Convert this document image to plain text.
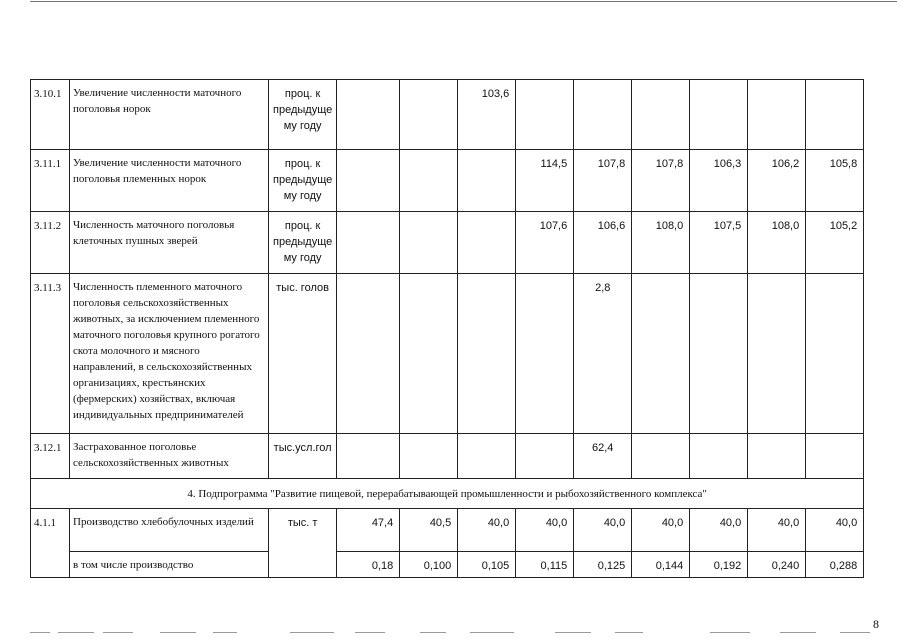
3.10.1	Увеличение численности маточного поголовья норок	проц. к предыдуще му году			103,6						
3.11.1	Увеличение численности маточного поголовья племенных норок	проц. к предыдуще му году				114,5	107,8	107,8	106,3	106,2	105,8
3.11.2	Численность маточного поголовья клеточных пушных зверей	проц. к предыдуще му году				107,6	106,6	108,0	107,5	108,0	105,2
3.11.3	Численность племенного маточного поголовья сельскохозяйственных животных, за исключением племенного маточного поголовья крупного рогатого скота молочного и мясного направлений, в сельскохозяйственных организациях, крестьянских (фермерских) хозяйствах, включая индивидуальных предпринимателей	тыс. голов					2,8				
3.12.1	Застрахованное поголовье сельскохозяйственных животных	тыс.усл.гол					62,4				
4. Подпрограмма "Развитие пищевой, перерабатывающей промышленности и рыбохозяйственного комплекса"											
4.1.1	Производство хлебобулочных изделий	тыс. т	47,4	40,5	40,0	40,0	40,0	40,0	40,0	40,0	40,0
	в том числе производство		0,18	0,100	0,105	0,115	0,125	0,144	0,192	0,240	0,288
8
